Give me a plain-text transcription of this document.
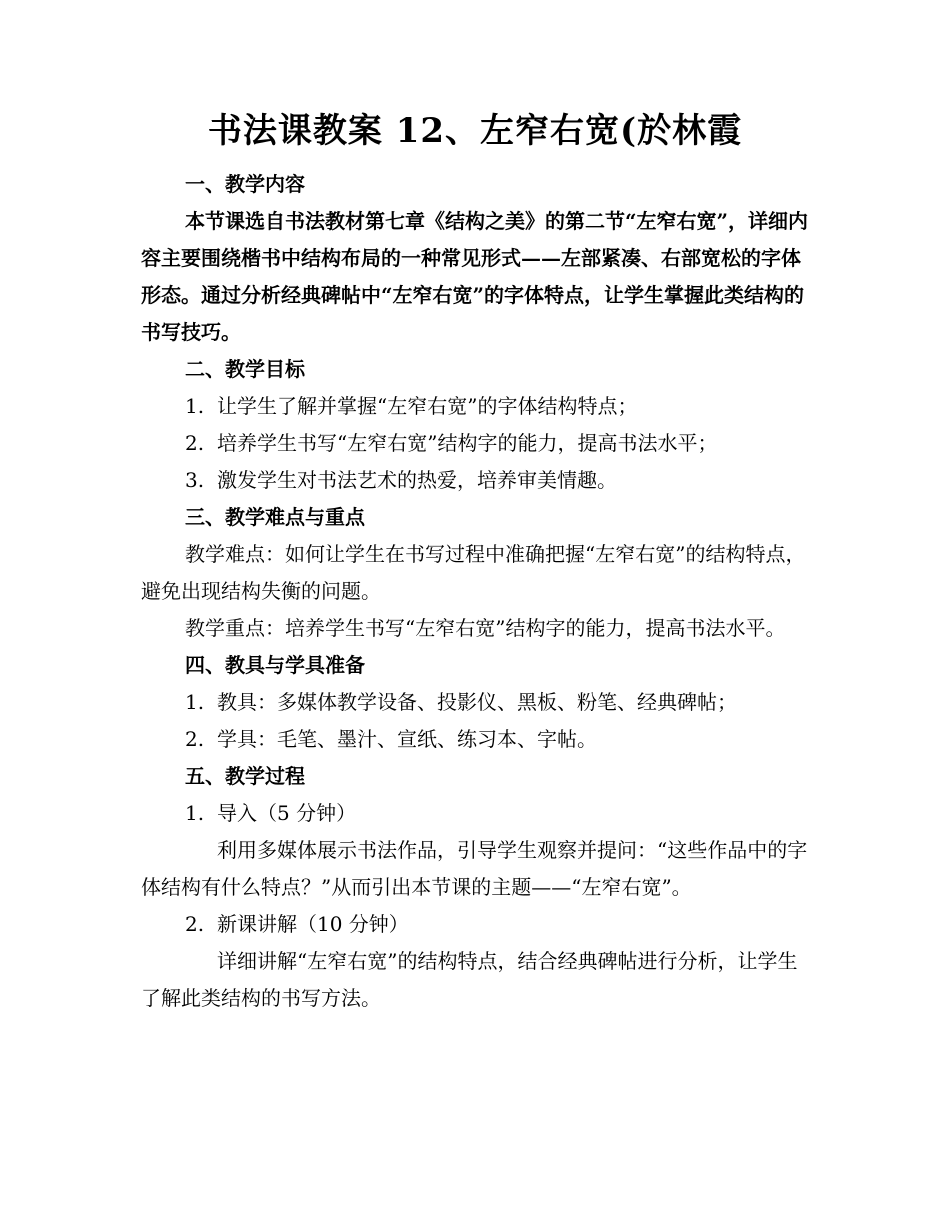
书法课教案 12、左窄右宽(於林霞

一、教学内容

本节课选自书法教材第七章《结构之美》的第二节“左窄右宽”，详细内容主要围绕楷书中结构布局的一种常见形式——左部紧凑、右部宽松的字体形态。通过分析经典碑帖中“左窄右宽”的字体特点，让学生掌握此类结构的书写技巧。

二、教学目标

1. 让学生了解并掌握“左窄右宽”的字体结构特点；

2. 培养学生书写“左窄右宽”结构字的能力，提高书法水平；

3. 激发学生对书法艺术的热爱，培养审美情趣。

三、教学难点与重点

教学难点：如何让学生在书写过程中准确把握“左窄右宽”的结构特点，避免出现结构失衡的问题。

教学重点：培养学生书写“左窄右宽”结构字的能力，提高书法水平。

四、教具与学具准备

1. 教具：多媒体教学设备、投影仪、黑板、粉笔、经典碑帖；

2. 学具：毛笔、墨汁、宣纸、练习本、字帖。

五、教学过程

1. 导入（5 分钟）

利用多媒体展示书法作品，引导学生观察并提问：“这些作品中的字体结构有什么特点？”从而引出本节课的主题——“左窄右宽”。

2. 新课讲解（10 分钟）

详细讲解“左窄右宽”的结构特点，结合经典碑帖进行分析，让学生了解此类结构的书写方法。
